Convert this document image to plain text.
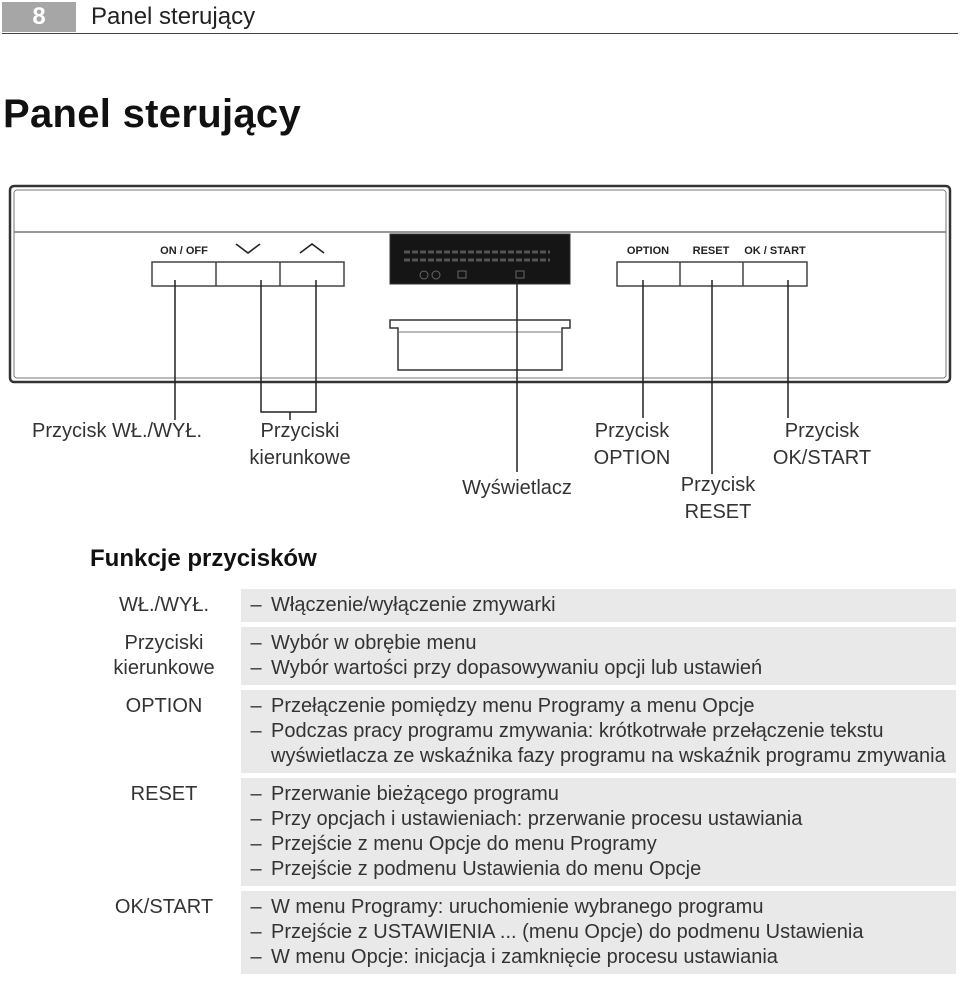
8	Panel sterujący
Panel sterujący
ON / OFF	OPTION RESET OK / START
Przycisk WŁ./WYŁ.	Przyciski
kierunkowe
Wyświetlacz
Przycisk
OPTION
Przycisk
RESET
Przycisk
OK/START
Funkcje przycisków
WŁ./WYŁ.	– Włączenie/wyłączenie zmywarki
Przyciski
kierunkowe
– Wybór w obrębie menu
– Wybór wartości przy dopasowywaniu opcji lub ustawień
OPTION	– Przełączenie pomiędzy menu Programy a menu Opcje
– Podczas pracy programu zmywania: krótkotrwałe przełączenie tekstu wyświetlacza ze wskaźnika fazy programu na wskaźnik programu zmywania
RESET	– Przerwanie bieżącego programu
– Przy opcjach i ustawieniach: przerwanie procesu ustawiania
– Przejście z menu Opcje do menu Programy
– Przejście z podmenu Ustawienia do menu Opcje
OK/START	– W menu Programy: uruchomienie wybranego programu
– Przejście z USTAWIENIA ... (menu Opcje) do podmenu Ustawienia
– W menu Opcje: inicjacja i zamknięcie procesu ustawiania
